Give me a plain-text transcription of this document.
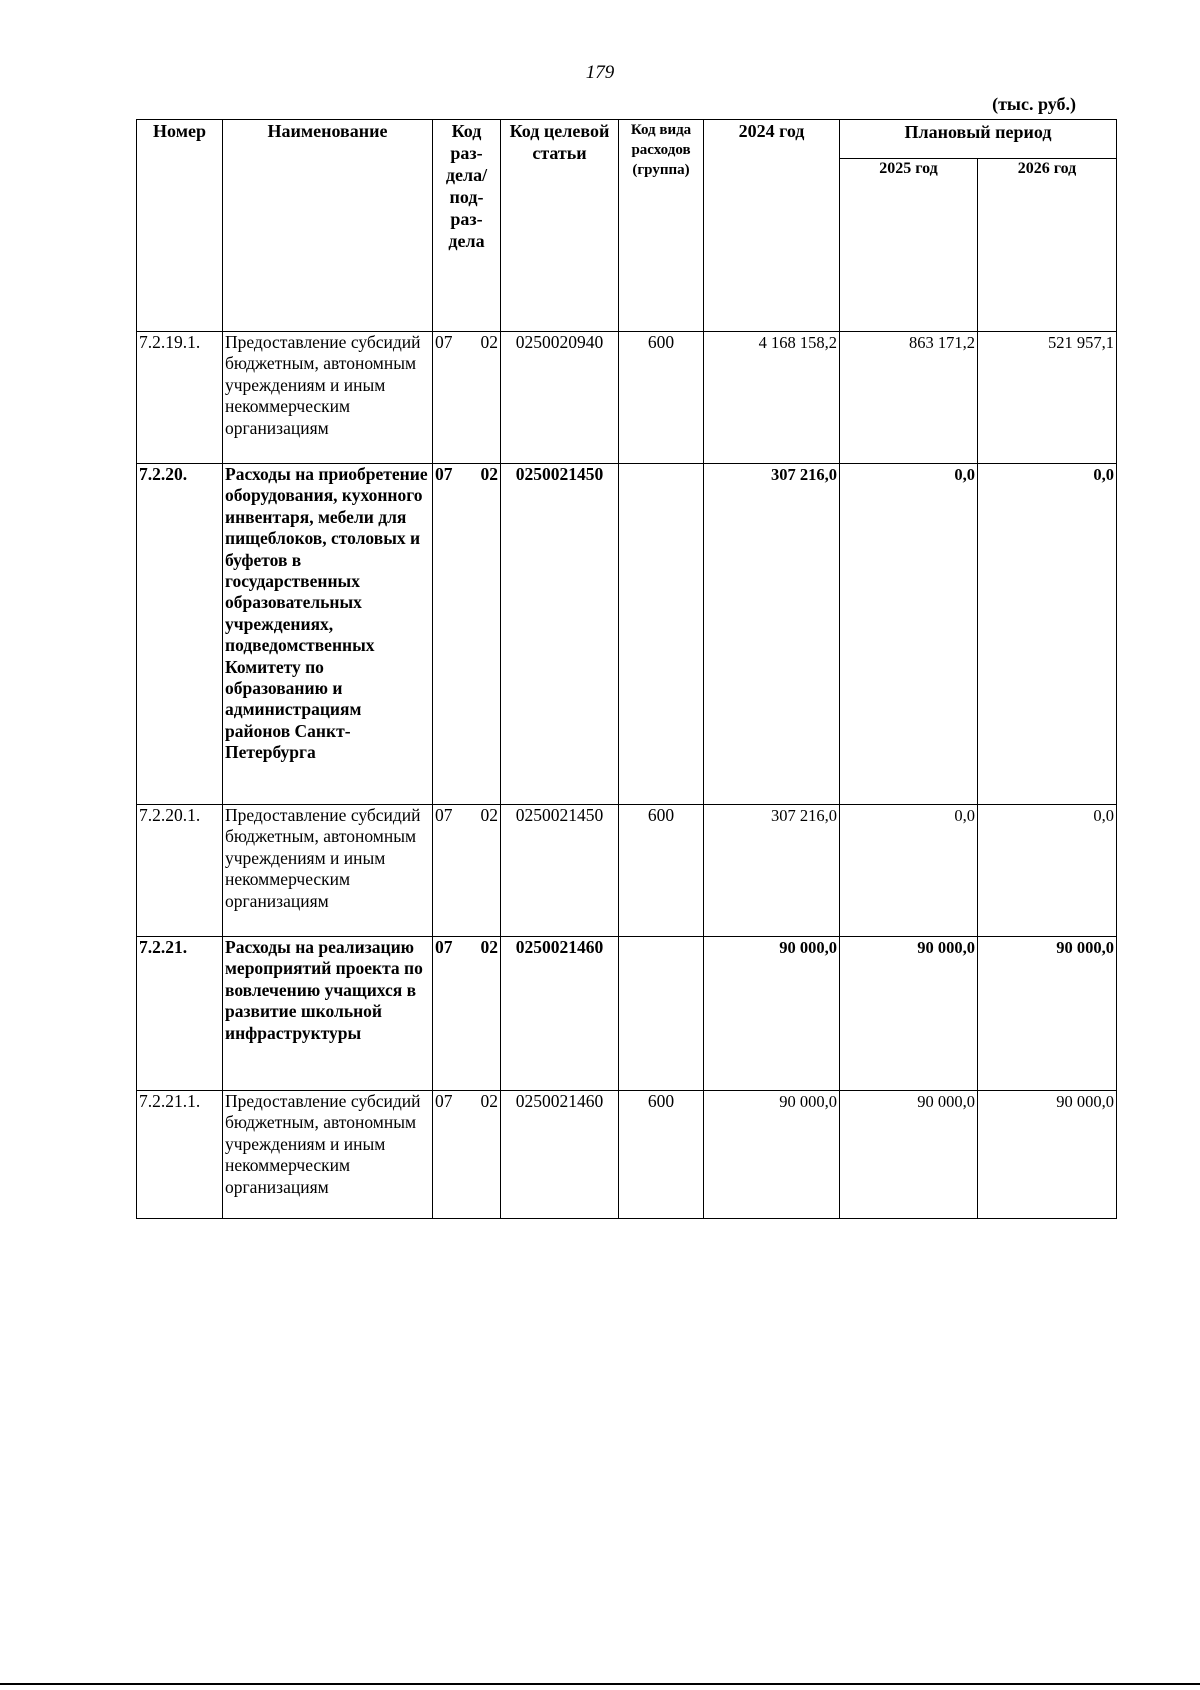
179
(тыс. руб.)
Номер	Наименование	Код раз-дела/ под-раз-дела	Код целевой статьи	Код вида расходов (группа)	2024 год	Плановый период	
						2025 год	2026 год
7.2.19.1.	Предоставление субсидий бюджетным, автономным учреждениям и иным некоммерческим организациям	07 02	0250020940	600	4 168 158,2	863 171,2	521 957,1
7.2.20.	Расходы на приобретение оборудования, кухонного инвентаря, мебели для пищеблоков, столовых и буфетов в государственных образовательных учреждениях, подведомственных Комитету по образованию и администрациям районов Санкт-Петербурга	07 02	0250021450		307 216,0	0,0	0,0
7.2.20.1.	Предоставление субсидий бюджетным, автономным учреждениям и иным некоммерческим организациям	07 02	0250021450	600	307 216,0	0,0	0,0
7.2.21.	Расходы на реализацию мероприятий проекта по вовлечению учащихся в развитие школьной инфраструктуры	07 02	0250021460		90 000,0	90 000,0	90 000,0
7.2.21.1.	Предоставление субсидий бюджетным, автономным учреждениям и иным некоммерческим организациям	07 02	0250021460	600	90 000,0	90 000,0	90 000,0
